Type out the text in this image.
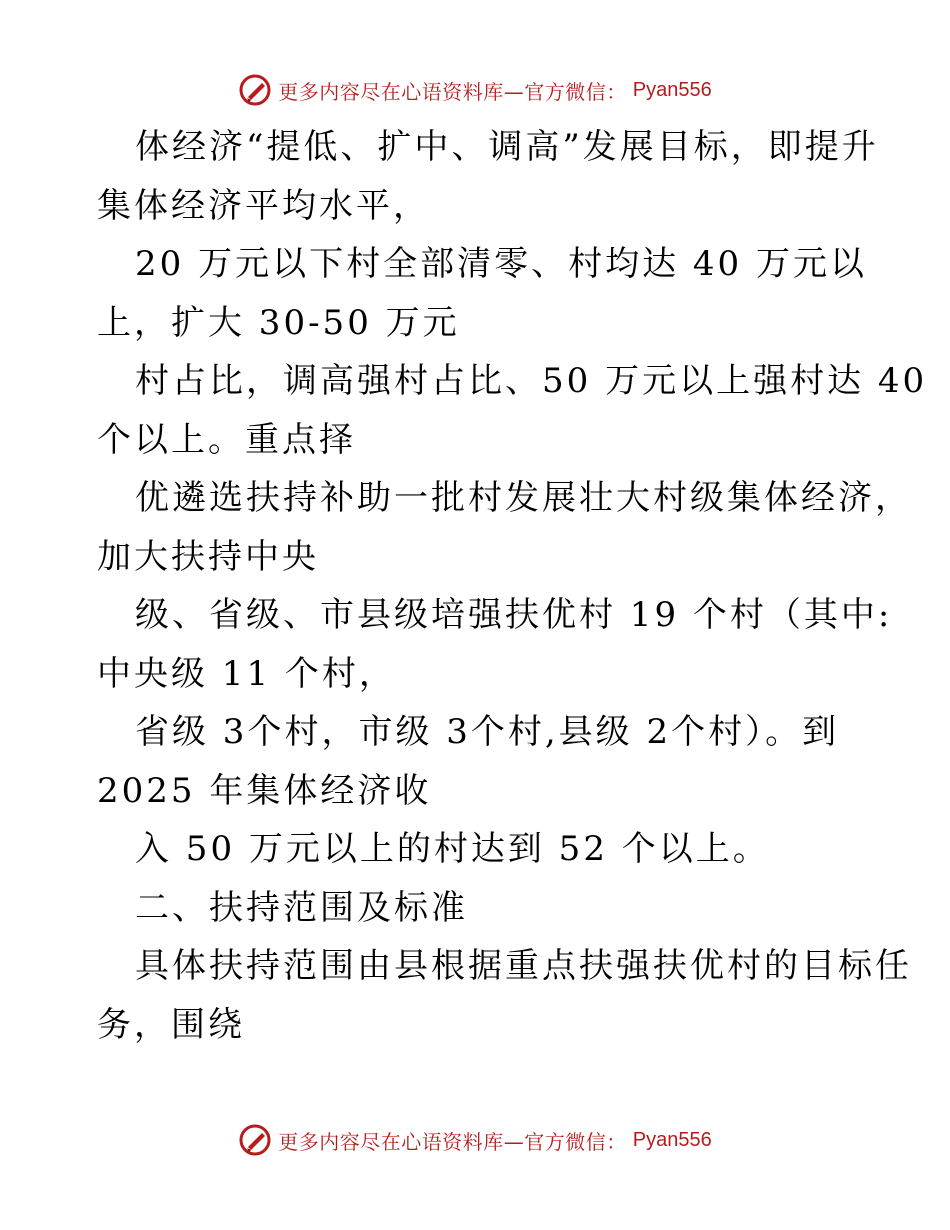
更多内容尽在心语资料库—官方微信： Pyan556

体经济“提低、扩中、调高”发展目标，即提升

集体经济平均水平，

20 万元以下村全部清零、村均达 40 万元以

上，扩大 30-50 万元

村占比，调高强村占比、50 万元以上强村达 40

个以上。重点择

优遴选扶持补助一批村发展壮大村级集体经济，

加大扶持中央

级、省级、市县级培强扶优村 19 个村（其中:

中央级 11 个村，

省级 3个村，市级 3个村,县级 2个村）。到

2025 年集体经济收

入 50 万元以上的村达到 52 个以上。

二、扶持范围及标准

具体扶持范围由县根据重点扶强扶优村的目标任

务，围绕

更多内容尽在心语资料库—官方微信： Pyan556
